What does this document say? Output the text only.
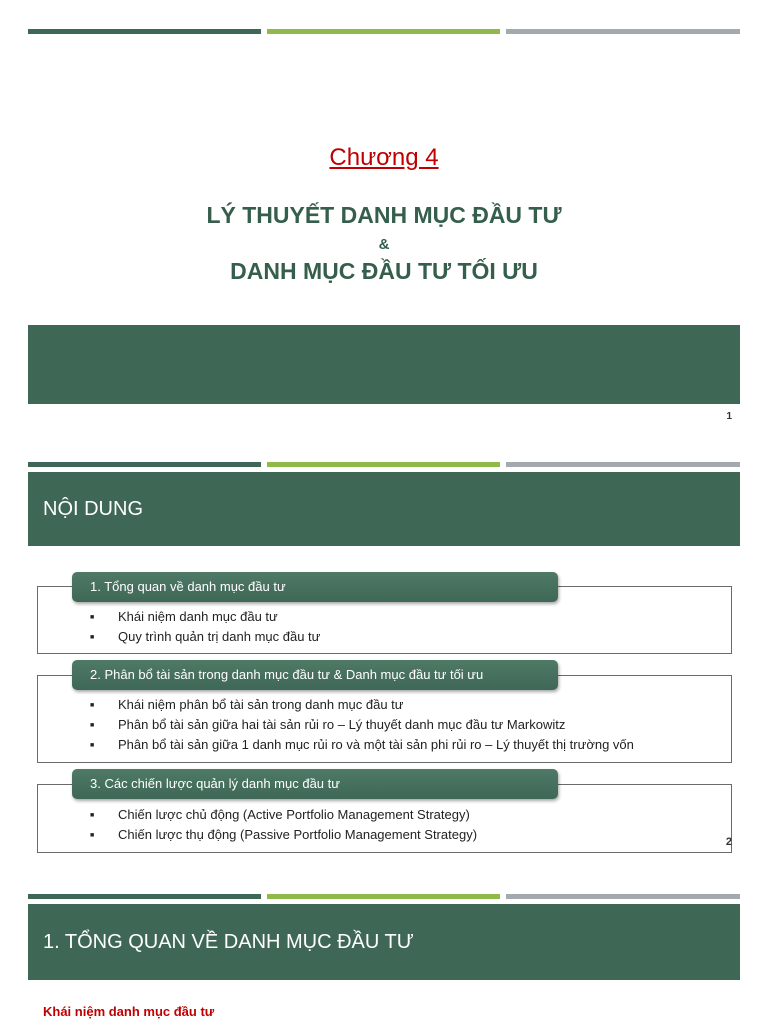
Chương 4
LÝ THUYẾT DANH MỤC ĐẦU TƯ
&
DANH MỤC ĐẦU TƯ TỐI ƯU
1
NỘI DUNG
1. Tổng quan về danh mục đầu tư
■ Khái niệm danh mục đầu tư
■ Quy trình quản trị danh mục đầu tư
2. Phân bổ tài sản trong danh mục đầu tư & Danh mục đầu tư tối ưu
■ Khái niệm phân bổ tài sản trong danh mục đầu tư
■ Phân bổ tài sản giữa hai tài sản rủi ro – Lý thuyết danh mục đầu tư Markowitz
■ Phân bổ tài sản giữa 1 danh mục rủi ro và một tài sản phi rủi ro – Lý thuyết thị trường vốn
3. Các chiến lược quản lý danh mục đầu tư
■ Chiến lược chủ động (Active Portfolio Management Strategy)
■ Chiến lược thụ động (Passive Portfolio Management Strategy)	2
1. TỔNG QUAN VỀ DANH MỤC ĐẦU TƯ
Khái niệm danh mục đầu tư
